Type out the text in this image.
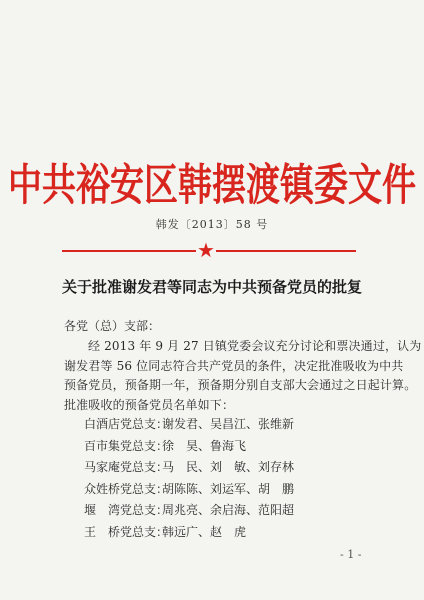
中共裕安区韩摆渡镇委文件
韩发〔2013〕58 号
★
关于批准谢发君等同志为中共预备党员的批复
各党（总）支部：
经 2013 年 9 月 27 日镇党委会议充分讨论和票决通过，认为
谢发君等 56 位同志符合共产党员的条件，决定批准吸收为中共
预备党员，预备期一年，预备期分别自支部大会通过之日起计算。
批准吸收的预备党员名单如下：
白酒店党总支：谢发君、吴昌江、张维新
百市集党总支：徐　昊、鲁海飞
马家庵党总支：马　民、刘　敏、刘存林
众姓桥党总支：胡陈陈、刘运军、胡　鹏
堰　湾党总支：周兆亮、余启海、范阳超
王　桥党总支：韩远广、赵　虎
- 1 -
